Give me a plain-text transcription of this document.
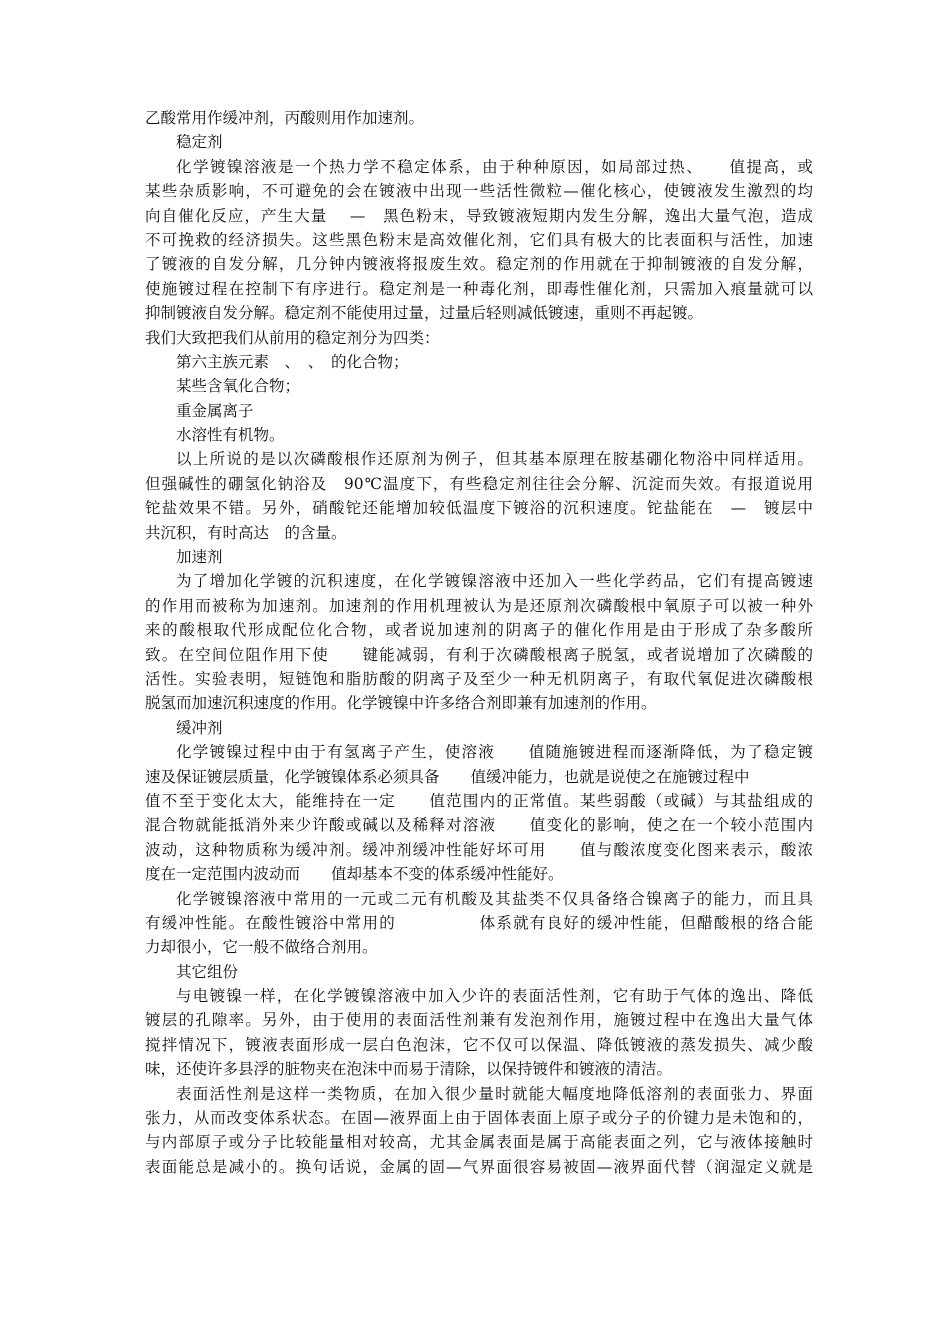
乙酸常用作缓冲剂，丙酸则用作加速剂。
稳定剂
化学镀镍溶液是一个热力学不稳定体系，由于种种原因，如局部过热、　　值提高，或
某些杂质影响，不可避免的会在镀液中出现一些活性微粒—催化核心，使镀液发生激烈的均
向自催化反应，产生大量　 —　黑色粉末，导致镀液短期内发生分解，逸出大量气泡，造成
不可挽救的经济损失。这些黑色粉末是高效催化剂，它们具有极大的比表面积与活性，加速
了镀液的自发分解，几分钟内镀液将报废生效。稳定剂的作用就在于抑制镀液的自发分解，
使施镀过程在控制下有序进行。稳定剂是一种毒化剂，即毒性催化剂，只需加入痕量就可以
抑制镀液自发分解。稳定剂不能使用过量，过量后轻则减低镀速，重则不再起镀。
我们大致把我们从前用的稳定剂分为四类：
第六主族元素　、　、　的化合物；
某些含氧化合物；
重金属离子
水溶性有机物。
以上所说的是以次磷酸根作还原剂为例子，但其基本原理在胺基硼化物浴中同样适用。
但强碱性的硼氢化钠浴及　90℃温度下，有些稳定剂往往会分解、沉淀而失效。有报道说用
铊盐效果不错。另外，硝酸铊还能增加较低温度下镀浴的沉积速度。铊盐能在　—　镀层中
共沉积，有时高达　的含量。
加速剂
为了增加化学镀的沉积速度，在化学镀镍溶液中还加入一些化学药品，它们有提高镀速
的作用而被称为加速剂。加速剂的作用机理被认为是还原剂次磷酸根中氧原子可以被一种外
来的酸根取代形成配位化合物，或者说加速剂的阴离子的催化作用是由于形成了杂多酸所
致。在空间位阻作用下使　　键能减弱，有利于次磷酸根离子脱氢，或者说增加了次磷酸的
活性。实验表明，短链饱和脂肪酸的阴离子及至少一种无机阴离子，有取代氧促进次磷酸根
脱氢而加速沉积速度的作用。化学镀镍中许多络合剂即兼有加速剂的作用。
缓冲剂
化学镀镍过程中由于有氢离子产生，使溶液　　值随施镀进程而逐渐降低，为了稳定镀
速及保证镀层质量，化学镀镍体系必须具备　　值缓冲能力，也就是说使之在施镀过程中
值不至于变化太大，能维持在一定　　值范围内的正常值。某些弱酸（或碱）与其盐组成的
混合物就能抵消外来少许酸或碱以及稀释对溶液　　值变化的影响，使之在一个较小范围内
波动，这种物质称为缓冲剂。缓冲剂缓冲性能好坏可用　　值与酸浓度变化图来表示，酸浓
度在一定范围内波动而　　值却基本不变的体系缓冲性能好。
化学镀镍溶液中常用的一元或二元有机酸及其盐类不仅具备络合镍离子的能力，而且具
有缓冲性能。在酸性镀浴中常用的　　　　　体系就有良好的缓冲性能，但醋酸根的络合能
力却很小，它一般不做络合剂用。
其它组份
与电镀镍一样，在化学镀镍溶液中加入少许的表面活性剂，它有助于气体的逸出、降低
镀层的孔隙率。另外，由于使用的表面活性剂兼有发泡剂作用，施镀过程中在逸出大量气体
搅拌情况下，镀液表面形成一层白色泡沫，它不仅可以保温、降低镀液的蒸发损失、减少酸
味，还使许多县浮的脏物夹在泡沫中而易于清除，以保持镀件和镀液的清洁。
表面活性剂是这样一类物质，在加入很少量时就能大幅度地降低溶剂的表面张力、界面
张力，从而改变体系状态。在固—液界面上由于固体表面上原子或分子的价键力是未饱和的，
与内部原子或分子比较能量相对较高，尤其金属表面是属于高能表面之列，它与液体接触时
表面能总是减小的。换句话说，金属的固—气界面很容易被固—液界面代替（润湿定义就是
